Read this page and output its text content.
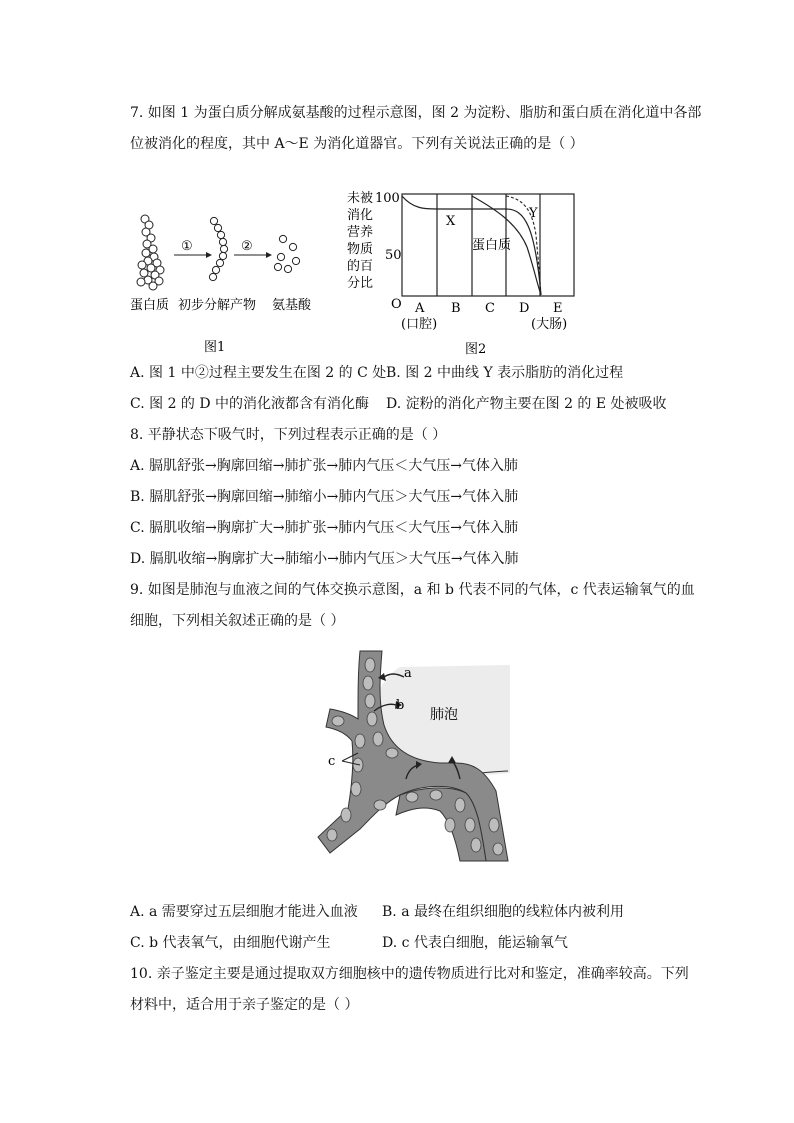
7. 如图 1 为蛋白质分解成氨基酸的过程示意图，图 2 为淀粉、脂肪和蛋白质在消化道中各部
位被消化的程度，其中 A～E 为消化道器官。下列有关说法正确的是（ ）
①	②
蛋白质 初步分解产物 氨基酸
图1
未被
消化
营养
物质
的百
分比
100
50
O
X
Y
蛋白质
A B C D E
(口腔)	(大肠)
图2
A. 图 1 中②过程主要发生在图 2 的 C 处 B. 图 2 中曲线 Y 表示脂肪的消化过程
C. 图 2 的 D 中的消化液都含有消化酶 D. 淀粉的消化产物主要在图 2 的 E 处被吸收
8. 平静状态下吸气时，下列过程表示正确的是（ ）
A. 膈肌舒张→胸廓回缩→肺扩张→肺内气压＜大气压→气体入肺
B. 膈肌舒张→胸廓回缩→肺缩小→肺内气压＞大气压→气体入肺
C. 膈肌收缩→胸廓扩大→肺扩张→肺内气压＜大气压→气体入肺
D. 膈肌收缩→胸廓扩大→肺缩小→肺内气压＞大气压→气体入肺
9. 如图是肺泡与血液之间的气体交换示意图，a 和 b 代表不同的气体，c 代表运输氧气的血
细胞，下列相关叙述正确的是（ ）
a
b
c
肺泡
A. a 需要穿过五层细胞才能进入血液 B. a 最终在组织细胞的线粒体内被利用
C. b 代表氧气，由细胞代谢产生	D. c 代表白细胞，能运输氧气
10. 亲子鉴定主要是通过提取双方细胞核中的遗传物质进行比对和鉴定，准确率较高。下列
材料中，适合用于亲子鉴定的是（ ）
